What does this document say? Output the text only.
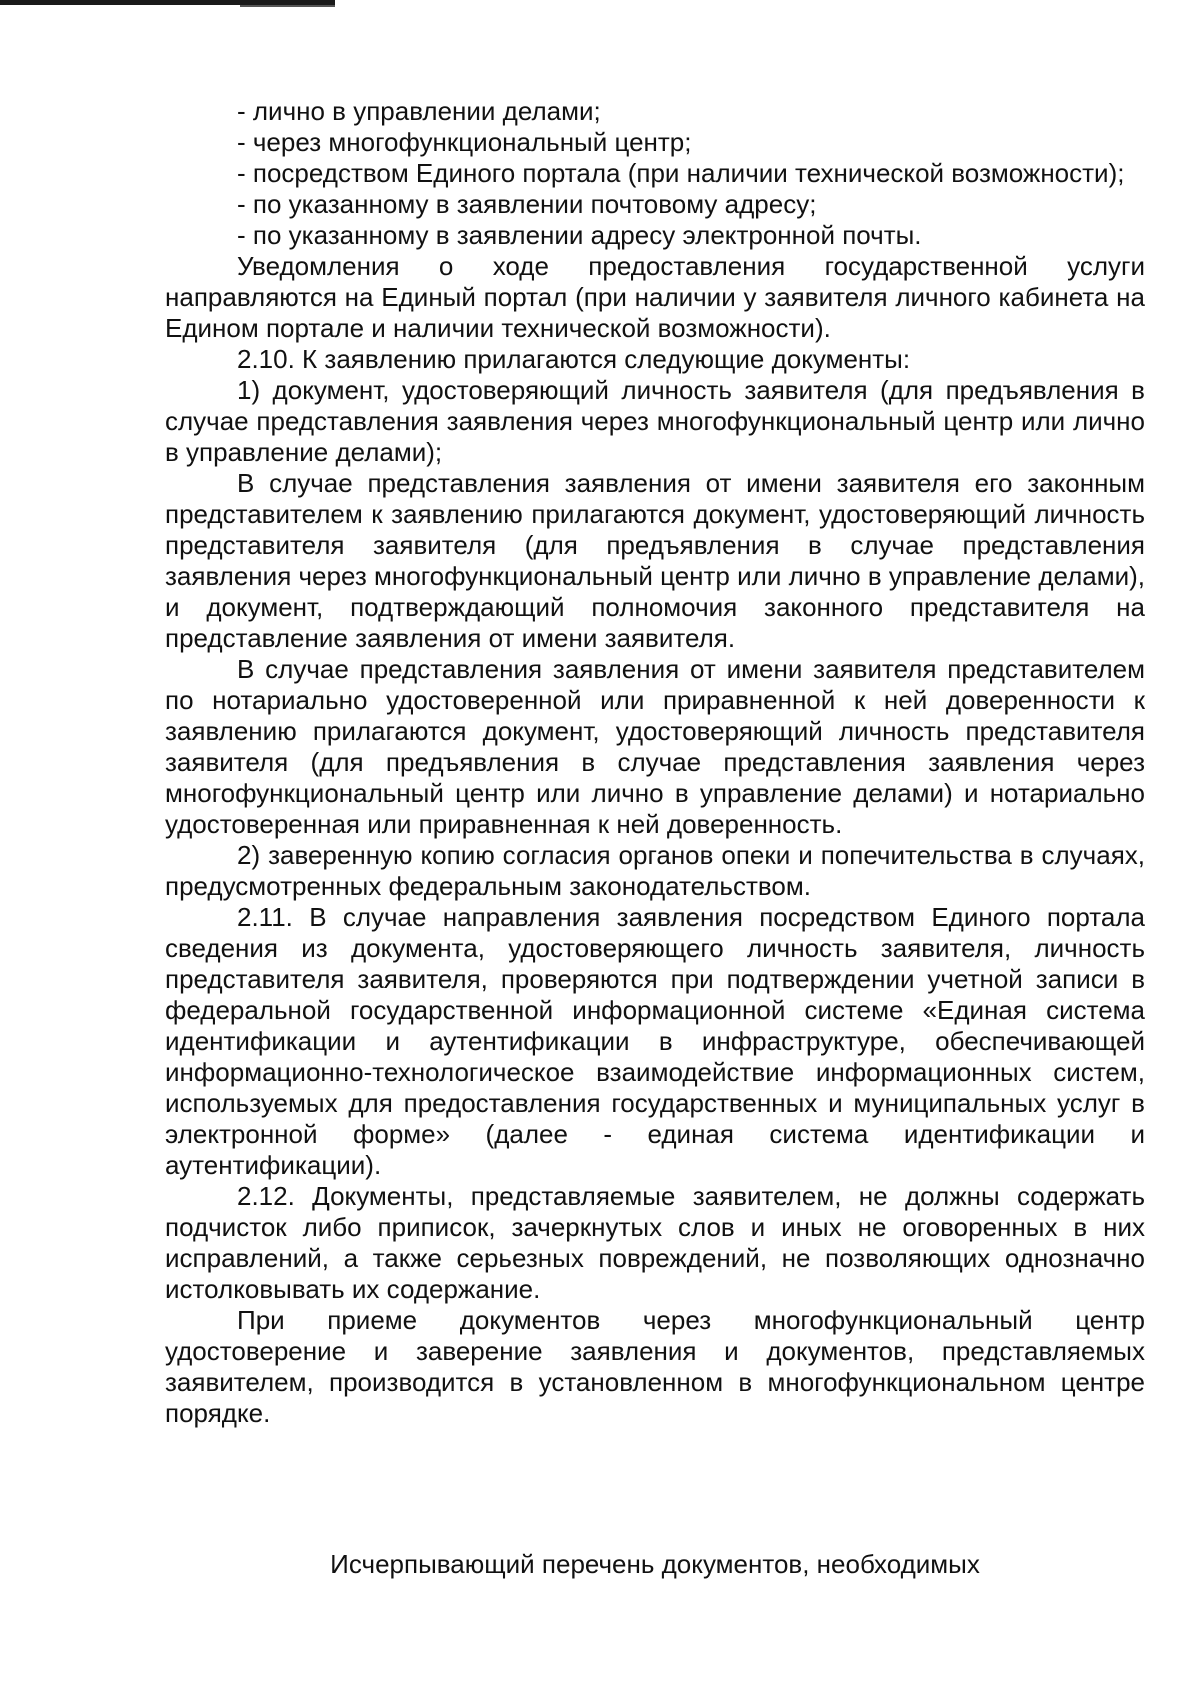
- лично в управлении делами;

- через многофункциональный центр;

- посредством Единого портала (при наличии технической возможности);

- по указанному в заявлении почтовому адресу;

- по указанному в заявлении адресу электронной почты.

Уведомления о ходе предоставления государственной услуги направляются на Единый портал (при наличии у заявителя личного кабинета на Едином портале и наличии технической возможности).

2.10. К заявлению прилагаются следующие документы:

1) документ, удостоверяющий личность заявителя (для предъявления в случае представления заявления через многофункциональный центр или лично в управление делами);

В случае представления заявления от имени заявителя его законным представителем к заявлению прилагаются документ, удостоверяющий личность представителя заявителя (для предъявления в случае представления заявления через многофункциональный центр или лично в управление делами), и документ, подтверждающий полномочия законного представителя на представление заявления от имени заявителя.

В случае представления заявления от имени заявителя представителем по нотариально удостоверенной или приравненной к ней доверенности к заявлению прилагаются документ, удостоверяющий личность представителя заявителя (для предъявления в случае представления заявления через многофункциональный центр или лично в управление делами) и нотариально удостоверенная или приравненная к ней доверенность.

2) заверенную копию согласия органов опеки и попечительства в случаях, предусмотренных федеральным законодательством.

2.11. В случае направления заявления посредством Единого портала сведения из документа, удостоверяющего личность заявителя, личность представителя заявителя, проверяются при подтверждении учетной записи в федеральной государственной информационной системе «Единая система идентификации и аутентификации в инфраструктуре, обеспечивающей информационно-технологическое взаимодействие информационных систем, используемых для предоставления государственных и муниципальных услуг в электронной форме» (далее - единая система идентификации и аутентификации).

2.12. Документы, представляемые заявителем, не должны содержать подчисток либо приписок, зачеркнутых слов и иных не оговоренных в них исправлений, а также серьезных повреждений, не позволяющих однозначно истолковывать их содержание.

При приеме документов через многофункциональный центр удостоверение и заверение заявления и документов, представляемых заявителем, производится в установленном в многофункциональном центре порядке.

Исчерпывающий перечень документов, необходимых
